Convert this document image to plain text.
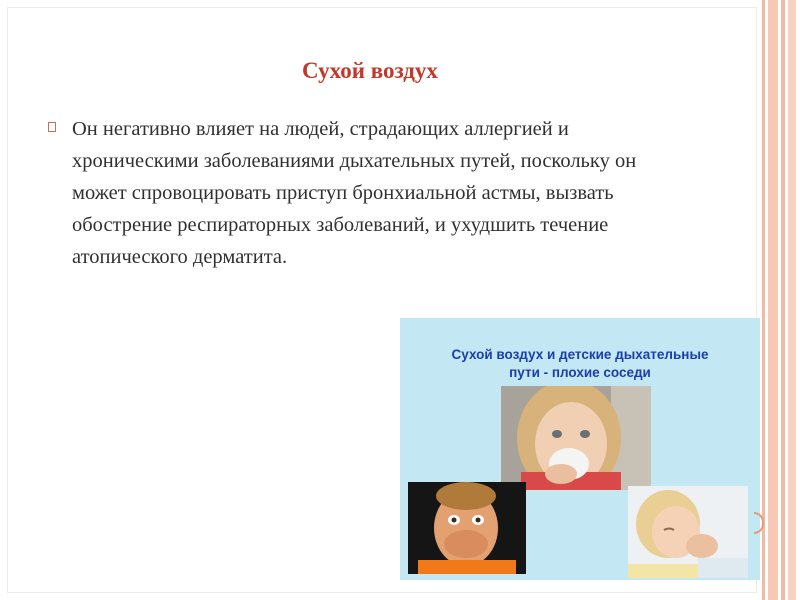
Сухой воздух

Он негативно влияет на людей, страдающих аллергией и хроническими заболеваниями дыхательных путей, поскольку он может спровоцировать приступ бронхиальной астмы, вызвать обострение респираторных заболеваний, и ухудшить течение атопического дерматита.

Сухой воздух и детские дыхательные
пути - плохие соседи
